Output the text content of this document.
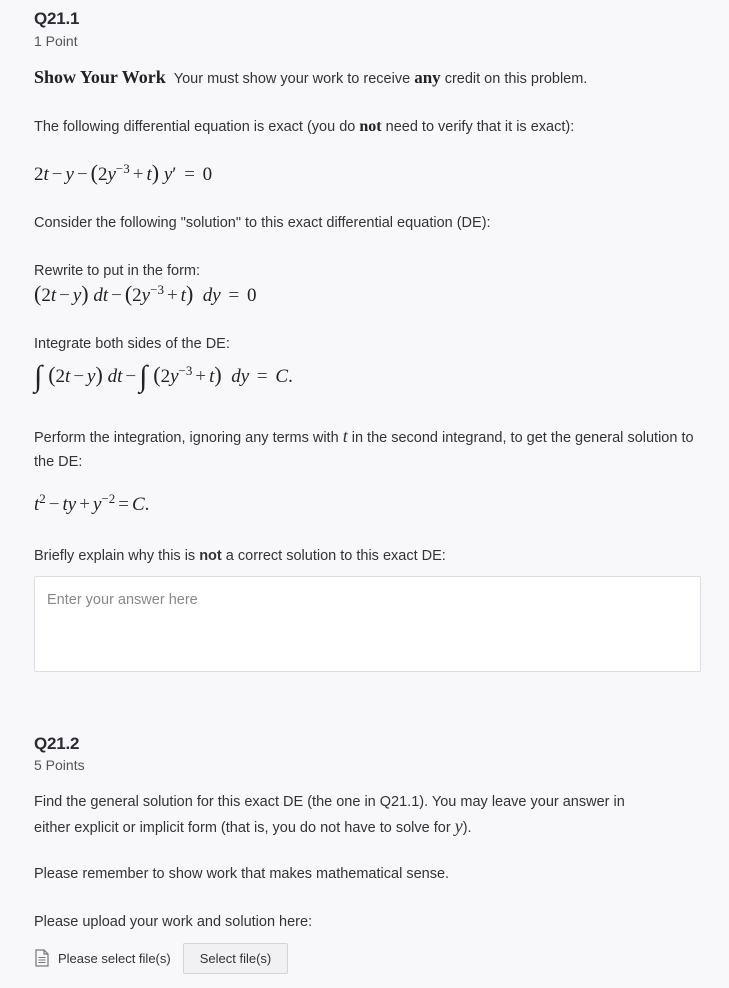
Q21.1
1 Point
Show Your Work Your must show your work to receive any credit on this problem.
The following differential equation is exact (you do not need to verify that it is exact):
$2t - y - (2y^{-3} + t) y' = 0$
Consider the following "solution" to this exact differential equation (DE):
Rewrite to put in the form:
(2t − y) dt − $(2y^{-3} + t)$ dy = 0
Integrate both sides of the DE:
∫ (2t − y) dt − ∫ $(2y^{-3} + t)$ dy = C.
Perform the integration, ignoring any terms with t in the second integrand, to get the general solution to the DE:
$t^2$ − ty + $y^{-2} = C$.
Briefly explain why this is not a correct solution to this exact DE:
Enter your answer here
Q21.2
5 Points
Find the general solution for this exact DE (the one in Q21.1). You may leave your answer in
either explicit or implicit form (that is, you do not have to solve for y).
Please remember to show work that makes mathematical sense.
Please upload your work and solution here:
Please select file(s)	Select file(s)
